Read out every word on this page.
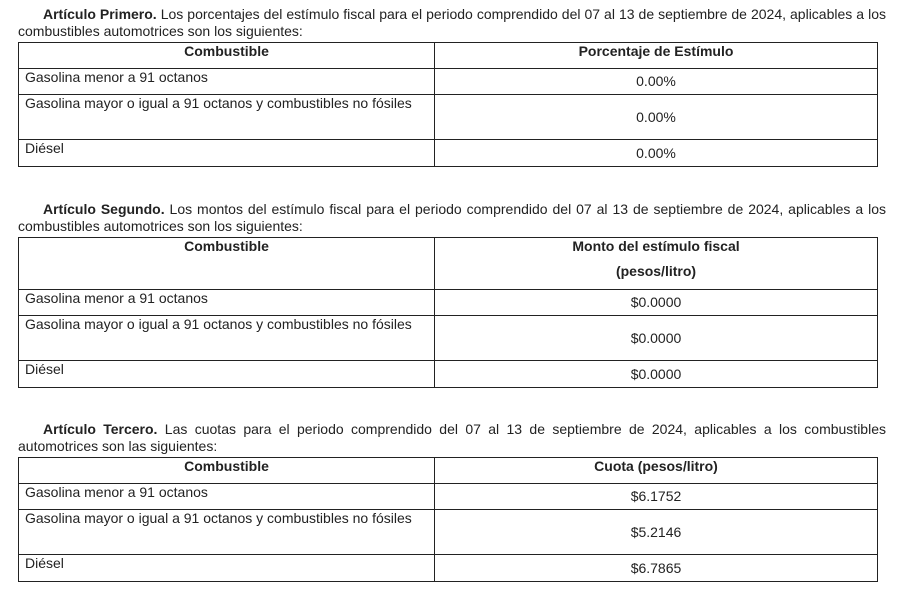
Artículo Primero. Los porcentajes del estímulo fiscal para el periodo comprendido del 07 al 13 de septiembre de 2024, aplicables a los combustibles automotrices son los siguientes:

Combustible	Porcentaje de Estímulo
Gasolina menor a 91 octanos	0.00%
Gasolina mayor o igual a 91 octanos y combustibles no fósiles	0.00%
Diésel	0.00%

Artículo Segundo. Los montos del estímulo fiscal para el periodo comprendido del 07 al 13 de septiembre de 2024, aplicables a los combustibles automotrices son los siguientes:

Combustible	Monto del estímulo fiscal
(pesos/litro)

Gasolina menor a 91 octanos	$0.0000
Gasolina mayor o igual a 91 octanos y combustibles no fósiles	$0.0000
Diésel	$0.0000

Artículo Tercero. Las cuotas para el periodo comprendido del 07 al 13 de septiembre de 2024, aplicables a los combustibles automotrices son las siguientes:

Combustible	Cuota (pesos/litro)
Gasolina menor a 91 octanos	$6.1752
Gasolina mayor o igual a 91 octanos y combustibles no fósiles	$5.2146
Diésel	$6.7865
